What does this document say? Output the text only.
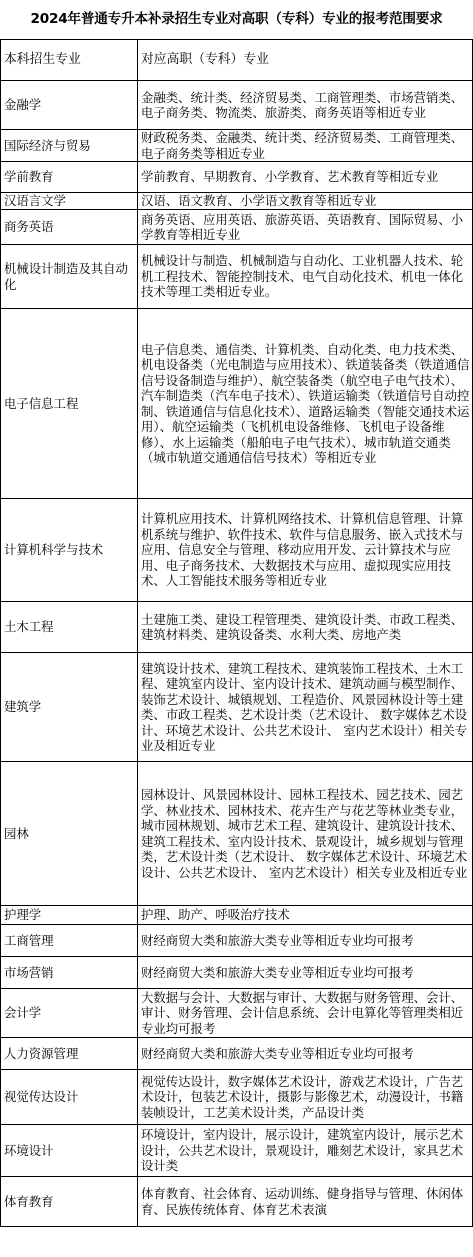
2024年普通专升本补录招生专业对高职（专科）专业的报考范围要求
本科招生专业	对应高职（专科）专业
金融学	金融类、统计类、经济贸易类、工商管理类、市场营销类、电子商务类、物流类、旅游类、商务英语等相近专业
国际经济与贸易	财政税务类、金融类、统计类、经济贸易类、工商管理类、电子商务类等相近专业
学前教育	学前教育、早期教育、小学教育、艺术教育等相近专业
汉语言文学	汉语、语文教育、小学语文教育等相近专业
商务英语	商务英语、应用英语、旅游英语、英语教育、国际贸易、小学教育等相近专业
机械设计制造及其自动化	机械设计与制造、机械制造与自动化、工业机器人技术、轮机工程技术、智能控制技术、电气自动化技术、机电一体化技术等理工类相近专业。
电子信息工程	电子信息类、通信类、计算机类、自动化类、电力技术类、机电设备类（光电制造与应用技术）、铁道装备类（铁道通信信号设备制造与维护）、航空装备类（航空电子电气技术）、汽车制造类（汽车电子技术）、铁道运输类（铁道信号自动控制、铁道通信与信息化技术）、道路运输类（智能交通技术运用）、航空运输类（飞机机电设备维修、飞机电子设备维修）、水上运输类（船舶电子电气技术）、城市轨道交通类（城市轨道交通通信信号技术）等相近专业
计算机科学与技术	计算机应用技术、计算机网络技术、计算机信息管理、计算机系统与维护、软件技术、软件与信息服务、嵌入式技术与应用、信息安全与管理、移动应用开发、云计算技术与应用、电子商务技术、大数据技术与应用、虚拟现实应用技术、人工智能技术服务等相近专业
土木工程	土建施工类、建设工程管理类、建筑设计类、市政工程类、建筑材料类、建筑设备类、水利大类、房地产类
建筑学	建筑设计技术、建筑工程技术、建筑装饰工程技术、土木工程、建筑室内设计、室内设计技术、建筑动画与模型制作、装饰艺术设计、城镇规划、工程造价、风景园林设计等土建类、市政工程类、艺术设计类（艺术设计、 数字媒体艺术设计、环境艺术设计、公共艺术设计、 室内艺术设计）相关专业及相近专业
园林	园林设计、风景园林设计、园林工程技术、园艺技术、园艺学、林业技术、园林技术、花卉生产与花艺等林业类专业，城市园林规划、城市艺术工程、建筑设计、建筑设计技术、建筑工程技术、室内设计技术、景观设计，城乡规划与管理类，艺术设计类（艺术设计、 数字媒体艺术设计、环境艺术设计、公共艺术设计、 室内艺术设计）相关专业及相近专业
护理学	护理、助产、呼吸治疗技术
工商管理	财经商贸大类和旅游大类专业等相近专业均可报考
市场营销	财经商贸大类和旅游大类专业等相近专业均可报考
会计学	大数据与会计、大数据与审计、大数据与财务管理、会计、审计、财务管理、会计信息系统、会计电算化等管理类相近专业均可报考
人力资源管理	财经商贸大类和旅游大类专业等相近专业均可报考
视觉传达设计	视觉传达设计，数字媒体艺术设计，游戏艺术设计，广告艺术设计，包装艺术设计，摄影与影像艺术，动漫设计，书籍装帧设计，工艺美术设计类，产品设计类
环境设计	环境设计，室内设计，展示设计，建筑室内设计，展示艺术设计，公共艺术设计，景观设计，雕刻艺术设计，家具艺术设计类
体育教育	体育教育、社会体育、运动训练、健身指导与管理、休闲体育、民族传统体育、体育艺术表演
